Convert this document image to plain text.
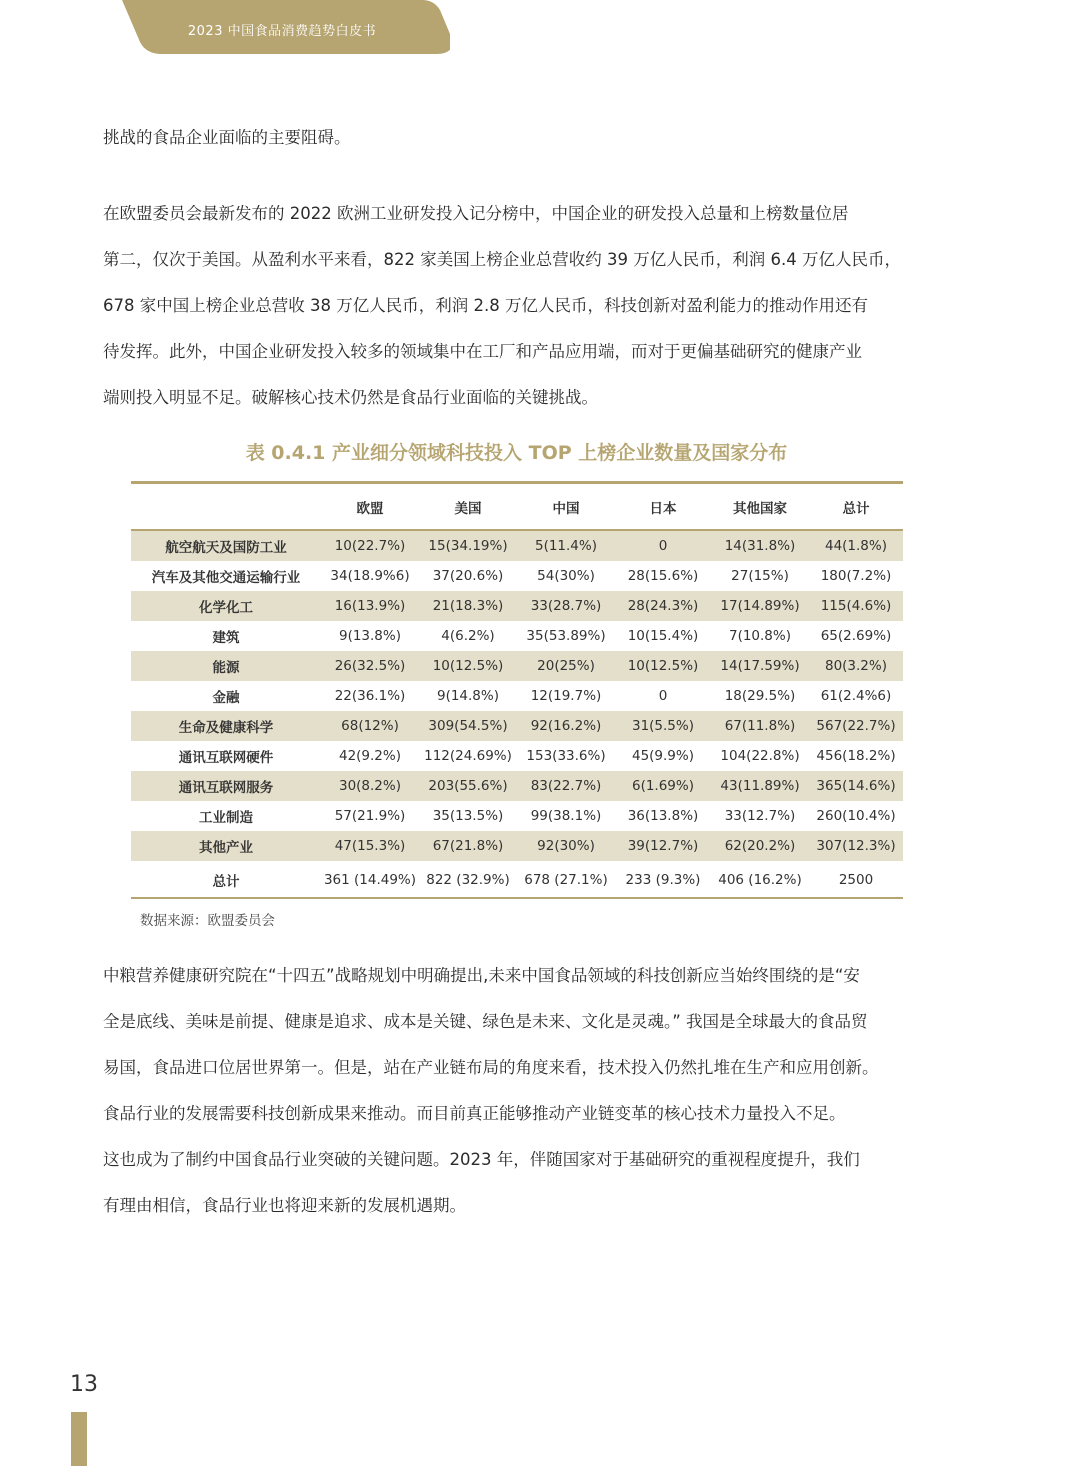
2023 中国食品消费趋势白皮书

挑战的食品企业面临的主要阻碍。

在欧盟委员会最新发布的 2022 欧洲工业研发投入记分榜中，中国企业的研发投入总量和上榜数量位居
第二，仅次于美国。从盈利水平来看，822 家美国上榜企业总营收约 39 万亿人民币，利润 6.4 万亿人民币，
678 家中国上榜企业总营收 38 万亿人民币，利润 2.8 万亿人民币，科技创新对盈利能力的推动作用还有
待发挥。此外，中国企业研发投入较多的领域集中在工厂和产品应用端，而对于更偏基础研究的健康产业
端则投入明显不足。破解核心技术仍然是食品行业面临的关键挑战。

表 0.4.1 产业细分领域科技投入 TOP 上榜企业数量及国家分布
	欧盟	美国	中国	日本	其他国家	总计
航空航天及国防工业	10(22.7%)	15(34.19%)	5(11.4%)	0	14(31.8%)	44(1.8%)
汽车及其他交通运输行业	34(18.9%6)	37(20.6%)	54(30%)	28(15.6%)	27(15%)	180(7.2%)
化学化工	16(13.9%)	21(18.3%)	33(28.7%)	28(24.3%)	17(14.89%)	115(4.6%)
建筑	9(13.8%)	4(6.2%)	35(53.89%)	10(15.4%)	7(10.8%)	65(2.69%)
能源	26(32.5%)	10(12.5%)	20(25%)	10(12.5%)	14(17.59%)	80(3.2%)
金融	22(36.1%)	9(14.8%)	12(19.7%)	0	18(29.5%)	61(2.4%6)
生命及健康科学	68(12%)	309(54.5%)	92(16.2%)	31(5.5%)	67(11.8%)	567(22.7%)
通讯互联网硬件	42(9.2%)	112(24.69%)	153(33.6%)	45(9.9%)	104(22.8%)	456(18.2%)
通讯互联网服务	30(8.2%)	203(55.6%)	83(22.7%)	6(1.69%)	43(11.89%)	365(14.6%)
工业制造	57(21.9%)	35(13.5%)	99(38.1%)	36(13.8%)	33(12.7%)	260(10.4%)
其他产业	47(15.3%)	67(21.8%)	92(30%)	39(12.7%)	62(20.2%)	307(12.3%)
总计	361 (14.49%)	822 (32.9%)	678 (27.1%)	233 (9.3%)	406 (16.2%)	2500
数据来源：欧盟委员会

中粮营养健康研究院在“十四五”战略规划中明确提出,未来中国食品领域的科技创新应当始终围绕的是“安
全是底线、美味是前提、健康是追求、成本是关键、绿色是未来、文化是灵魂。” 我国是全球最大的食品贸
易国，食品进口位居世界第一。但是，站在产业链布局的角度来看，技术投入仍然扎堆在生产和应用创新。
食品行业的发展需要科技创新成果来推动。而目前真正能够推动产业链变革的核心技术力量投入不足。
这也成为了制约中国食品行业突破的关键问题。2023 年，伴随国家对于基础研究的重视程度提升，我们
有理由相信，食品行业也将迎来新的发展机遇期。

13
